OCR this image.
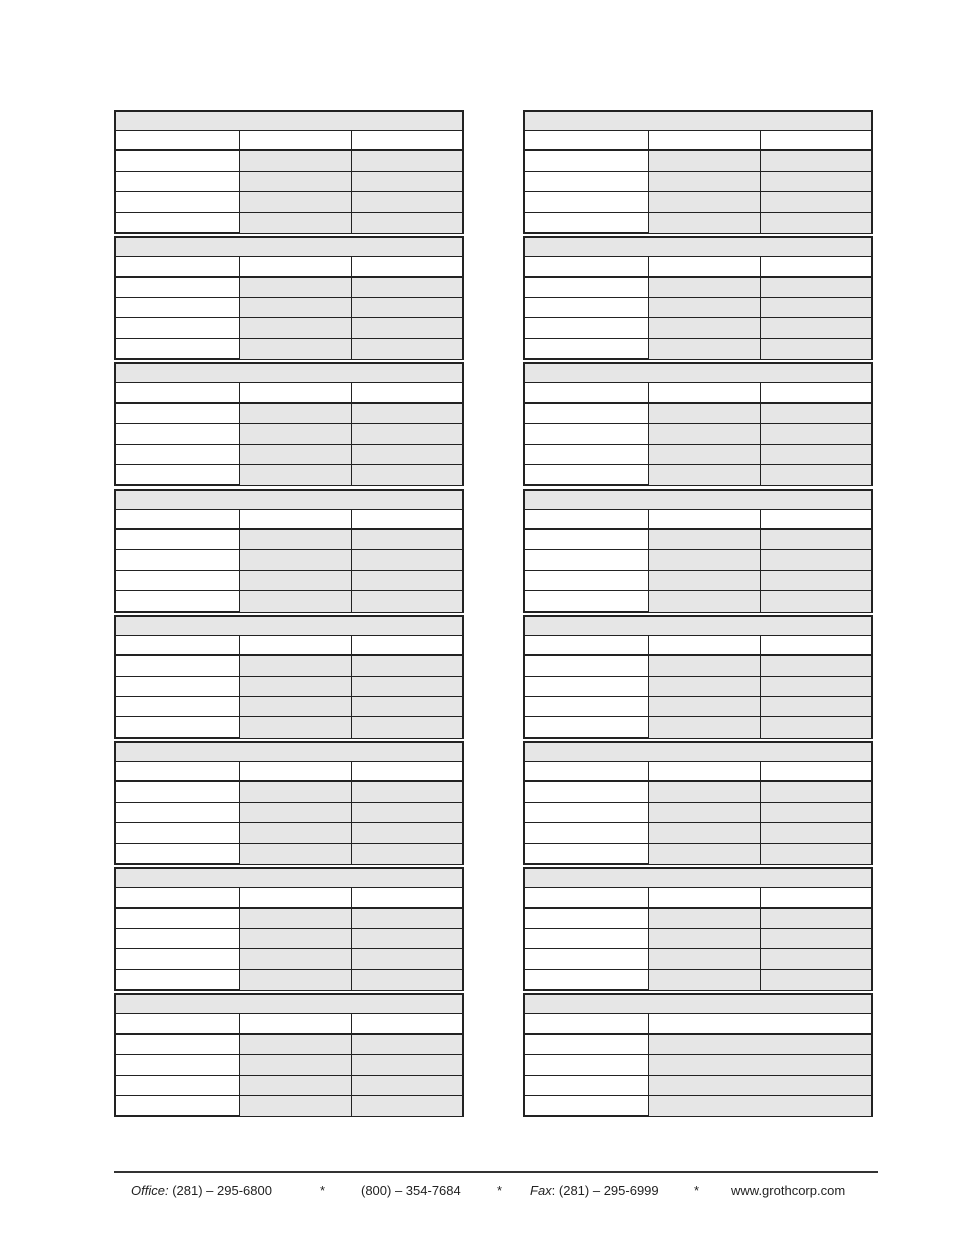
Office: (281) – 295-6800	*	(800) – 354-7684	* Fax: (281) – 295-6999	* www.grothcorp.com
